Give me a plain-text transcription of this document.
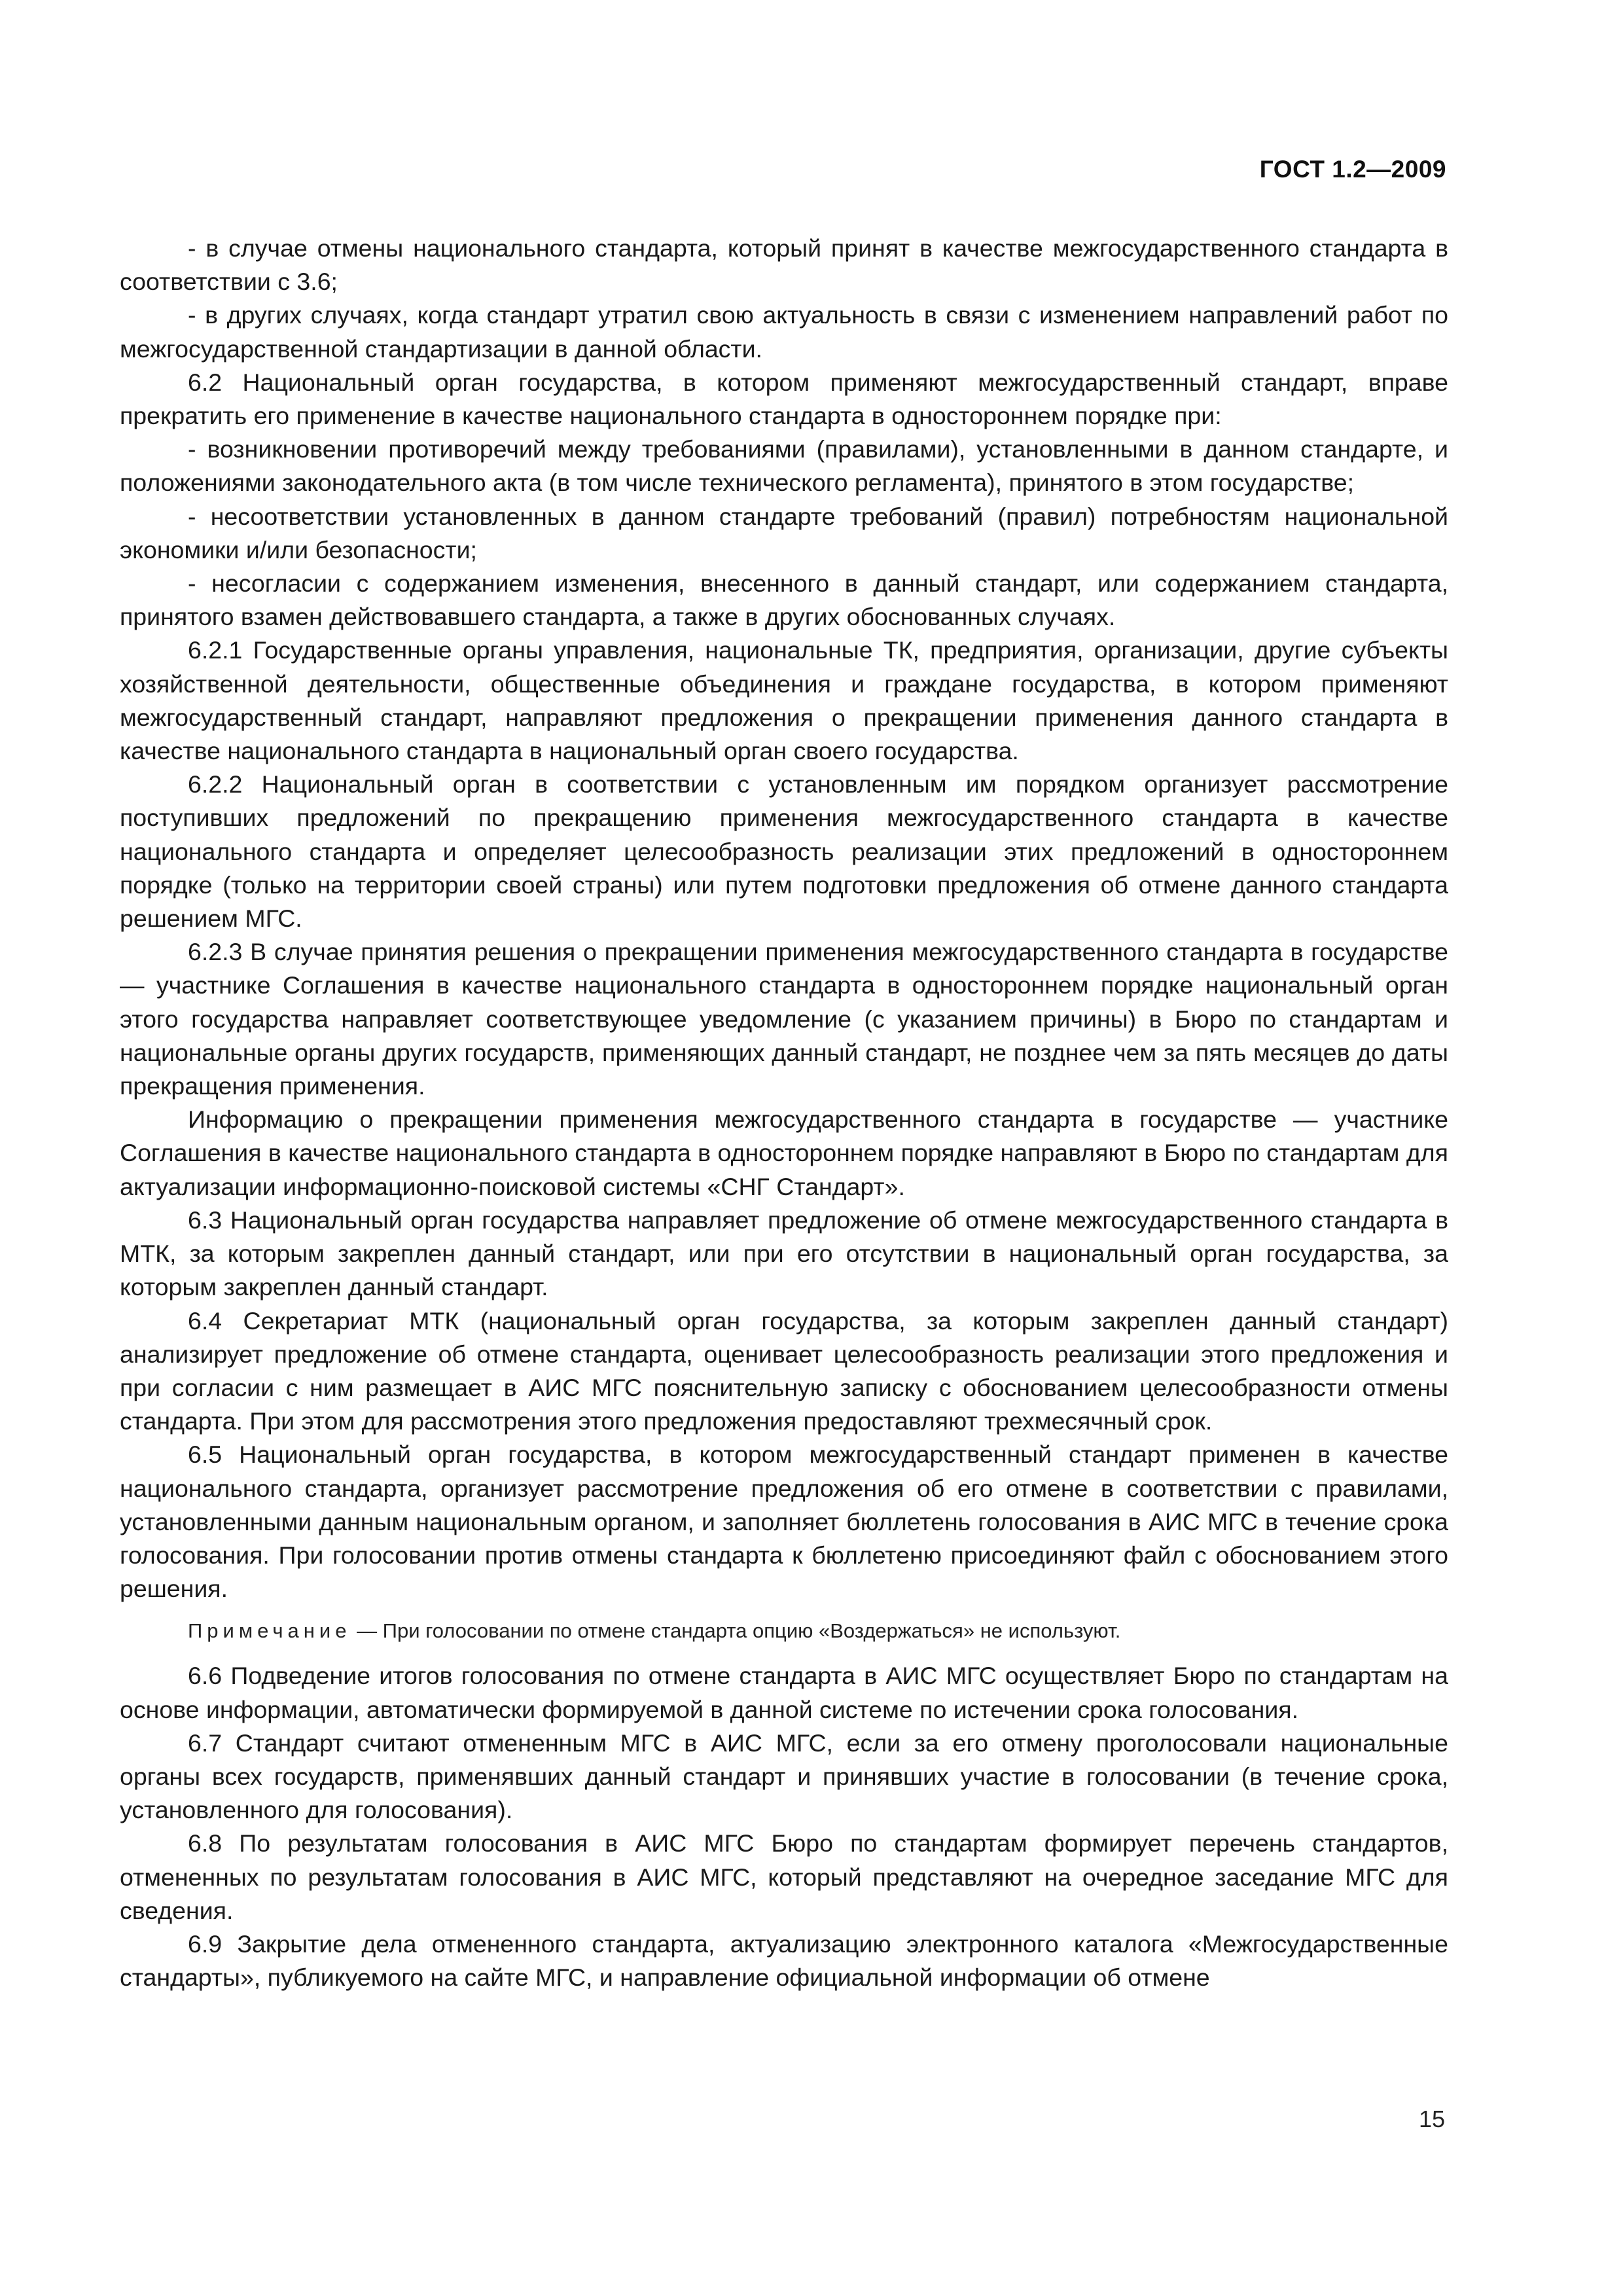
ГОСТ 1.2—2009

- в случае отмены национального стандарта, который принят в качестве межгосударственного стандарта в соответствии с 3.6;

- в других случаях, когда стандарт утратил свою актуальность в связи с изменением направлений работ по межгосударственной стандартизации в данной области.

6.2 Национальный орган государства, в котором применяют межгосударственный стандарт, вправе прекратить его применение в качестве национального стандарта в одностороннем порядке при:

- возникновении противоречий между требованиями (правилами), установленными в данном стандарте, и положениями законодательного акта (в том числе технического регламента), принятого в этом государстве;

- несоответствии установленных в данном стандарте требований (правил) потребностям национальной экономики и/или безопасности;

- несогласии с содержанием изменения, внесенного в данный стандарт, или содержанием стандарта, принятого взамен действовавшего стандарта, а также в других обоснованных случаях.

6.2.1 Государственные органы управления, национальные ТК, предприятия, организации, другие субъекты хозяйственной деятельности, общественные объединения и граждане государства, в котором применяют межгосударственный стандарт, направляют предложения о прекращении применения данного стандарта в качестве национального стандарта в национальный орган своего государства.

6.2.2 Национальный орган в соответствии с установленным им порядком организует рассмотрение поступивших предложений по прекращению применения межгосударственного стандарта в качестве национального стандарта и определяет целесообразность реализации этих предложений в одностороннем порядке (только на территории своей страны) или путем подготовки предложения об отмене данного стандарта решением МГС.

6.2.3 В случае принятия решения о прекращении применения межгосударственного стандарта в государстве — участнике Соглашения в качестве национального стандарта в одностороннем порядке национальный орган этого государства направляет соответствующее уведомление (с указанием причины) в Бюро по стандартам и национальные органы других государств, применяющих данный стандарт, не позднее чем за пять месяцев до даты прекращения применения.

Информацию о прекращении применения межгосударственного стандарта в государстве — участнике Соглашения в качестве национального стандарта в одностороннем порядке направляют в Бюро по стандартам для актуализации информационно-поисковой системы «СНГ Стандарт».

6.3 Национальный орган государства направляет предложение об отмене межгосударственного стандарта в МТК, за которым закреплен данный стандарт, или при его отсутствии в национальный орган государства, за которым закреплен данный стандарт.

6.4 Секретариат МТК (национальный орган государства, за которым закреплен данный стандарт) анализирует предложение об отмене стандарта, оценивает целесообразность реализации этого предложения и при согласии с ним размещает в АИС МГС пояснительную записку с обоснованием целесообразности отмены стандарта. При этом для рассмотрения этого предложения предоставляют трехмесячный срок.

6.5 Национальный орган государства, в котором межгосударственный стандарт применен в качестве национального стандарта, организует рассмотрение предложения об его отмене в соответствии с правилами, установленными данным национальным органом, и заполняет бюллетень голосования в АИС МГС в течение срока голосования. При голосовании против отмены стандарта к бюллетеню присоединяют файл с обоснованием этого решения.

Примечание — При голосовании по отмене стандарта опцию «Воздержаться» не используют.

6.6 Подведение итогов голосования по отмене стандарта в АИС МГС осуществляет Бюро по стандартам на основе информации, автоматически формируемой в данной системе по истечении срока голосования.

6.7 Стандарт считают отмененным МГС в АИС МГС, если за его отмену проголосовали национальные органы всех государств, применявших данный стандарт и принявших участие в голосовании (в течение срока, установленного для голосования).

6.8 По результатам голосования в АИС МГС Бюро по стандартам формирует перечень стандартов, отмененных по результатам голосования в АИС МГС, который представляют на очередное заседание МГС для сведения.

6.9 Закрытие дела отмененного стандарта, актуализацию электронного каталога «Межгосударственные стандарты», публикуемого на сайте МГС, и направление официальной информации об отмене

15
